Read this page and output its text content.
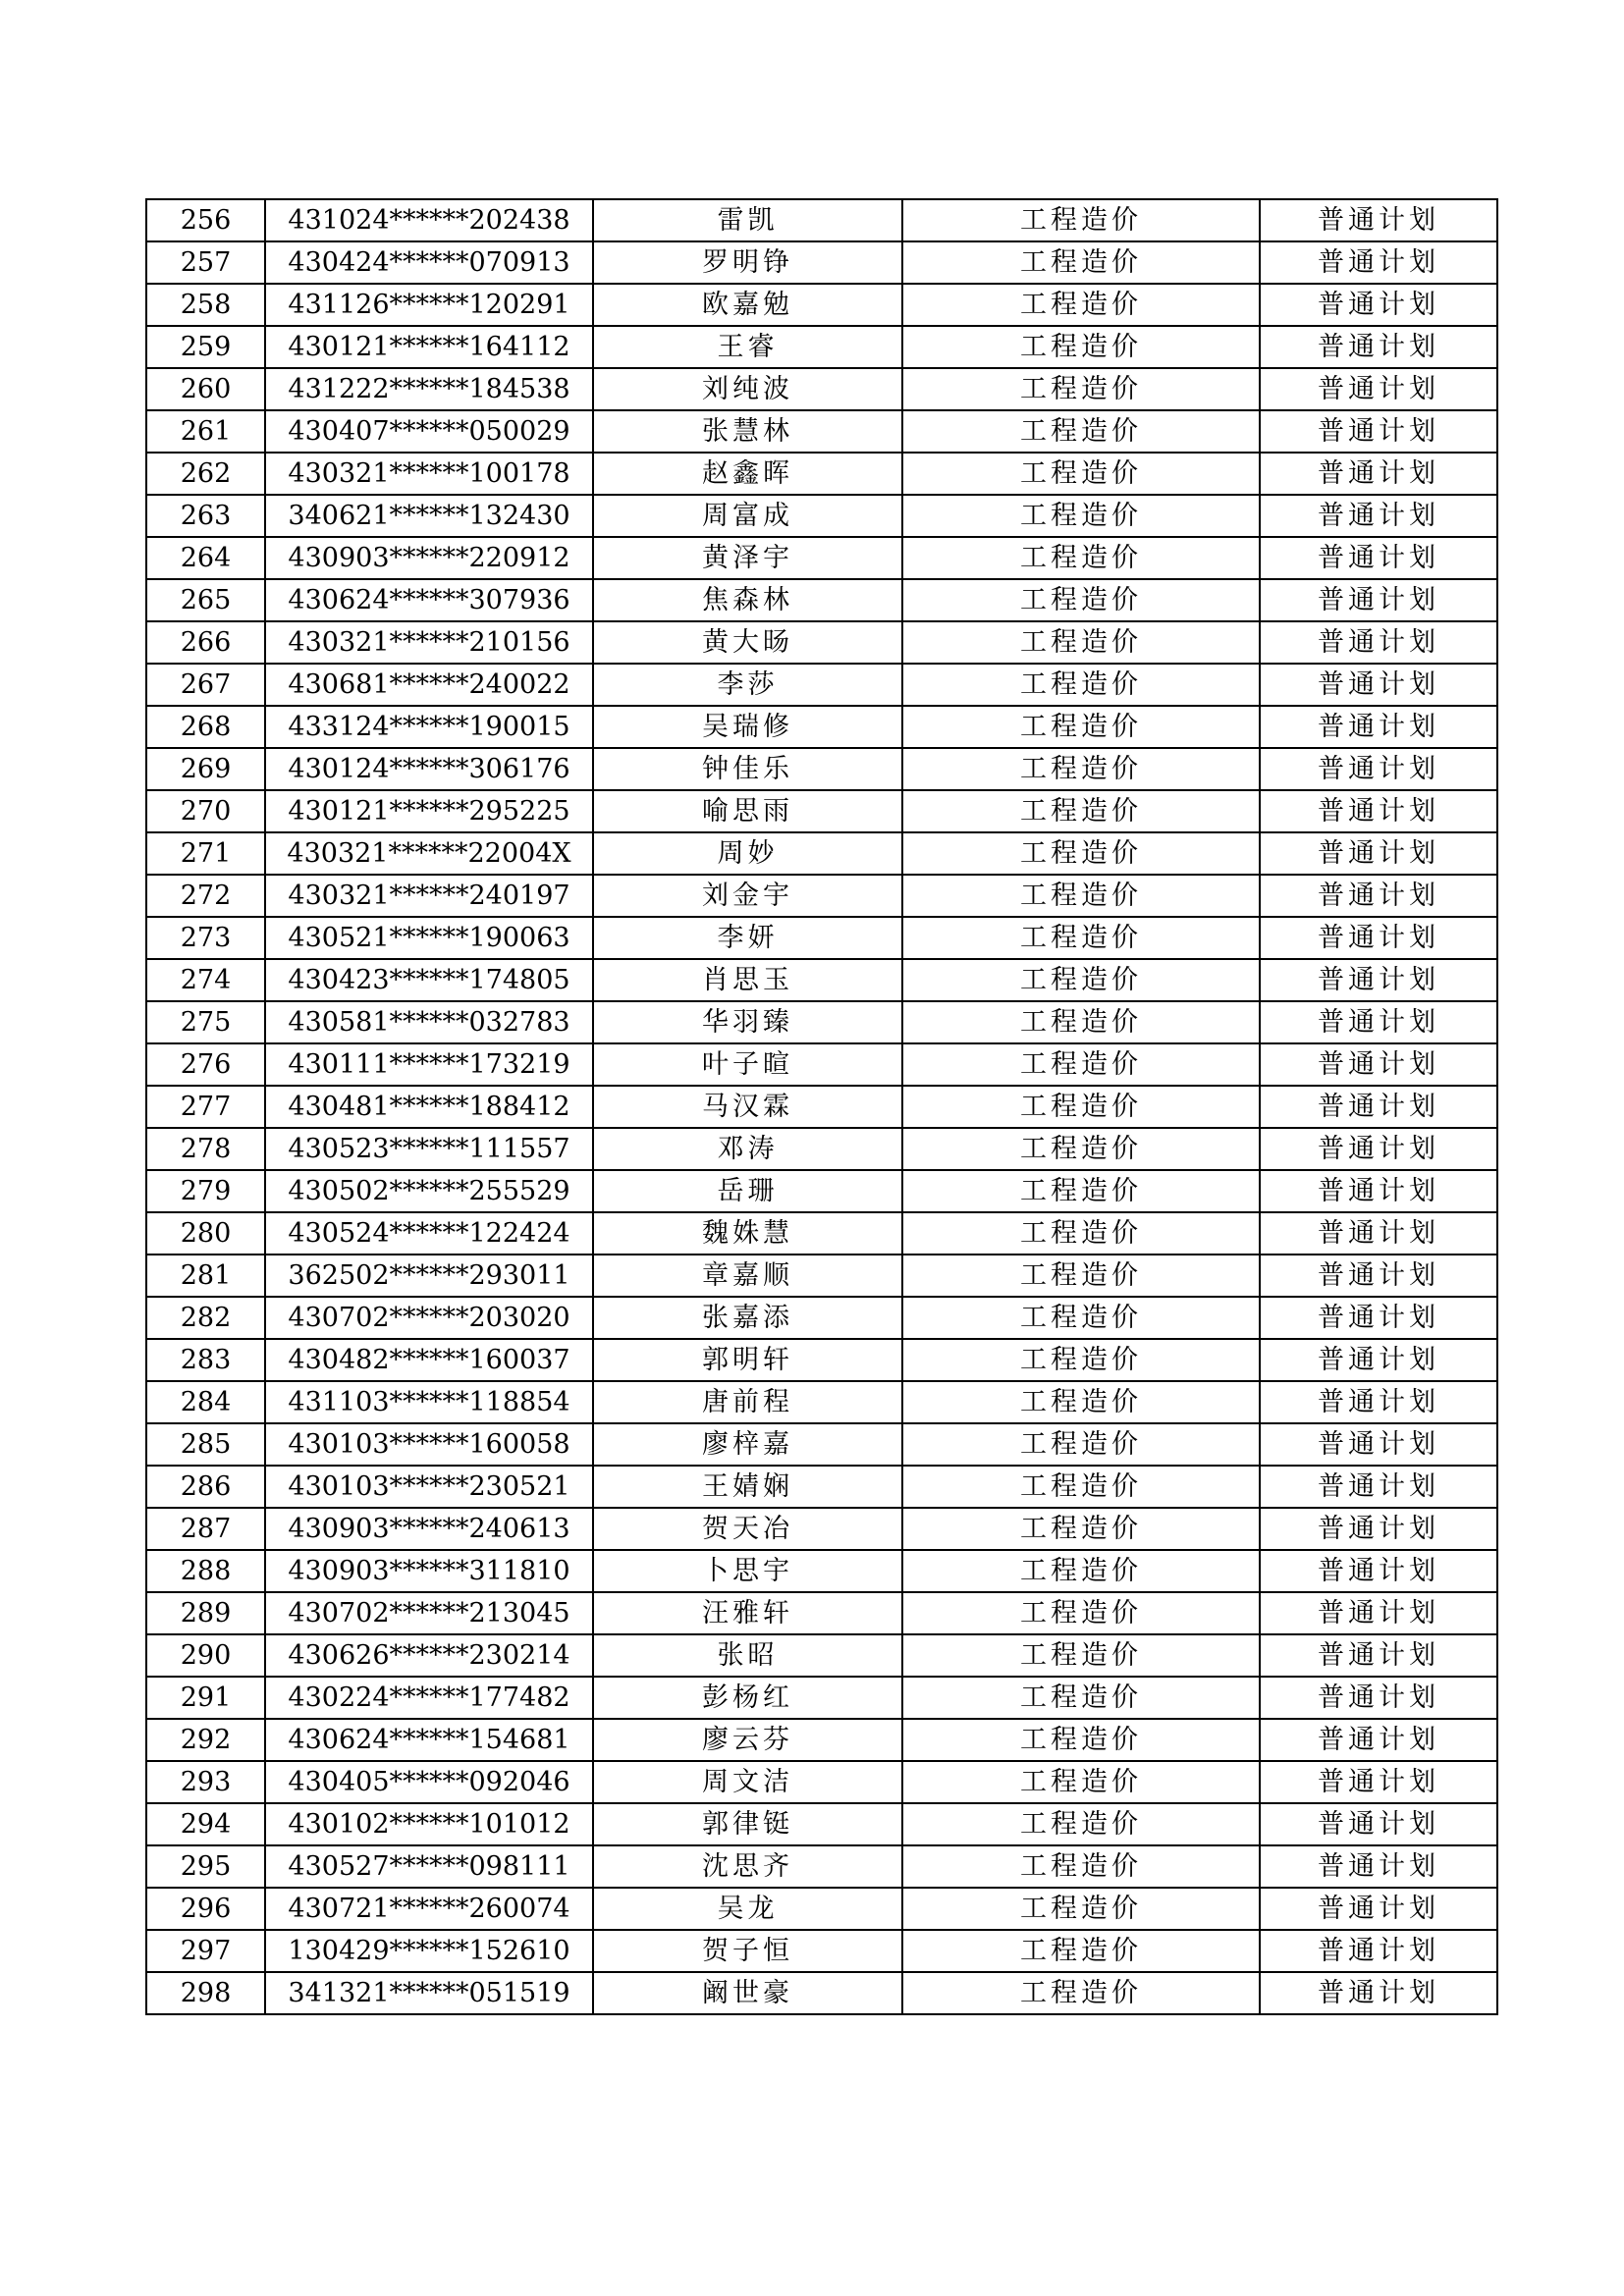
256	431024******202438	雷凯	工程造价	普通计划
257	430424******070913	罗明铮	工程造价	普通计划
258	431126******120291	欧嘉勉	工程造价	普通计划
259	430121******164112	王睿	工程造价	普通计划
260	431222******184538	刘纯波	工程造价	普通计划
261	430407******050029	张慧林	工程造价	普通计划
262	430321******100178	赵鑫晖	工程造价	普通计划
263	340621******132430	周富成	工程造价	普通计划
264	430903******220912	黄泽宇	工程造价	普通计划
265	430624******307936	焦森林	工程造价	普通计划
266	430321******210156	黄大旸	工程造价	普通计划
267	430681******240022	李莎	工程造价	普通计划
268	433124******190015	吴瑞修	工程造价	普通计划
269	430124******306176	钟佳乐	工程造价	普通计划
270	430121******295225	喻思雨	工程造价	普通计划
271	430321******22004X	周妙	工程造价	普通计划
272	430321******240197	刘金宇	工程造价	普通计划
273	430521******190063	李妍	工程造价	普通计划
274	430423******174805	肖思玉	工程造价	普通计划
275	430581******032783	华羽臻	工程造价	普通计划
276	430111******173219	叶子暄	工程造价	普通计划
277	430481******188412	马汉霖	工程造价	普通计划
278	430523******111557	邓涛	工程造价	普通计划
279	430502******255529	岳珊	工程造价	普通计划
280	430524******122424	魏姝慧	工程造价	普通计划
281	362502******293011	章嘉顺	工程造价	普通计划
282	430702******203020	张嘉添	工程造价	普通计划
283	430482******160037	郭明轩	工程造价	普通计划
284	431103******118854	唐前程	工程造价	普通计划
285	430103******160058	廖梓嘉	工程造价	普通计划
286	430103******230521	王婧娴	工程造价	普通计划
287	430903******240613	贺天冶	工程造价	普通计划
288	430903******311810	卜思宇	工程造价	普通计划
289	430702******213045	汪雅轩	工程造价	普通计划
290	430626******230214	张昭	工程造价	普通计划
291	430224******177482	彭杨红	工程造价	普通计划
292	430624******154681	廖云芬	工程造价	普通计划
293	430405******092046	周文洁	工程造价	普通计划
294	430102******101012	郭律铤	工程造价	普通计划
295	430527******098111	沈思齐	工程造价	普通计划
296	430721******260074	吴龙	工程造价	普通计划
297	130429******152610	贺子恒	工程造价	普通计划
298	341321******051519	阚世豪	工程造价	普通计划
